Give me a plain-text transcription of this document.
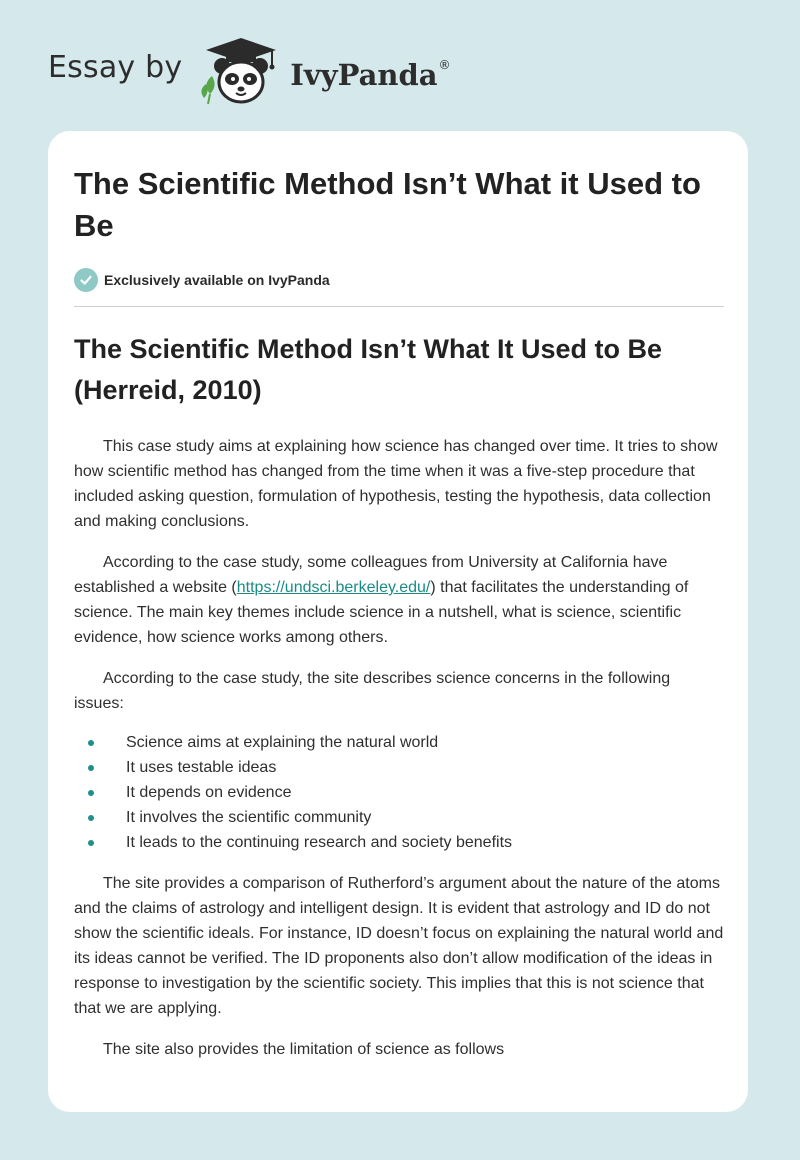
Essay by	IvyPanda ®
The Scientific Method Isn’t What it Used to Be
Exclusively available on IvyPanda
The Scientific Method Isn’t What It Used to Be (Herreid, 2010)

This case study aims at explaining how science has changed over time. It tries to show how scientific method has changed from the time when it was a five-step procedure that included asking question, formulation of hypothesis, testing the hypothesis, data collection and making conclusions.

According to the case study, some colleagues from University at California have established a website (https://undsci.berkeley.edu/) that facilitates the understanding of science. The main key themes include science in a nutshell, what is science, scientific evidence, how science works among others.

According to the case study, the site describes science concerns in the following issues:

Science aims at explaining the natural world
It uses testable ideas
It depends on evidence
It involves the scientific community
It leads to the continuing research and society benefits

The site provides a comparison of Rutherford’s argument about the nature of the atoms and the claims of astrology and intelligent design. It is evident that astrology and ID do not show the scientific ideals. For instance, ID doesn’t focus on explaining the natural world and its ideas cannot be verified. The ID proponents also don’t allow modification of the ideas in response to investigation by the scientific society. This implies that this is not science that that we are applying.

The site also provides the limitation of science as follows
